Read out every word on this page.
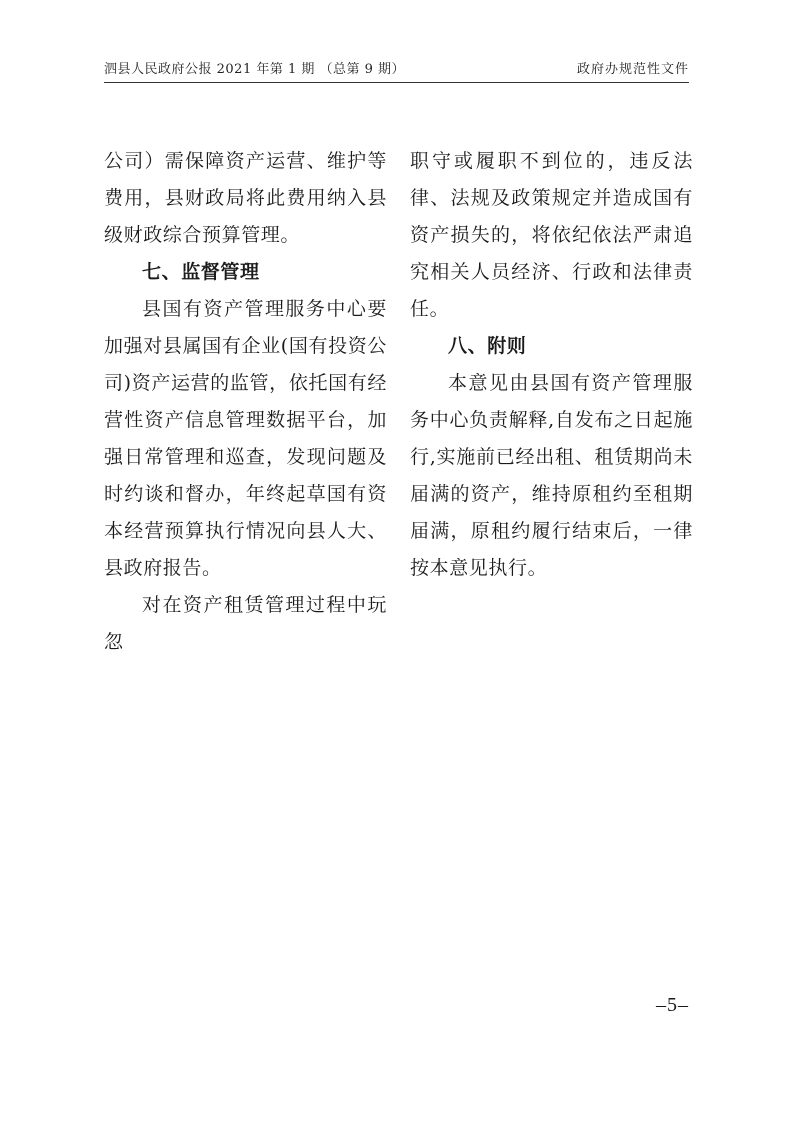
泗县人民政府公报 2021 年第 1 期 （总第 9 期）	政府办规范性文件

公司）需保障资产运营、维护等费用，县财政局将此费用纳入县级财政综合预算管理。

七、监督管理

县国有资产管理服务中心要加强对县属国有企业(国有投资公司)资产运营的监管，依托国有经营性资产信息管理数据平台，加强日常管理和巡查，发现问题及时约谈和督办，年终起草国有资本经营预算执行情况向县人大、县政府报告。

对在资产租赁管理过程中玩忽

职守或履职不到位的，违反法律、法规及政策规定并造成国有资产损失的，将依纪依法严肃追究相关人员经济、行政和法律责任。

八、附则

本意见由县国有资产管理服务中心负责解释,自发布之日起施行,实施前已经出租、租赁期尚未届满的资产，维持原租约至租期届满，原租约履行结束后，一律按本意见执行。

–5–
